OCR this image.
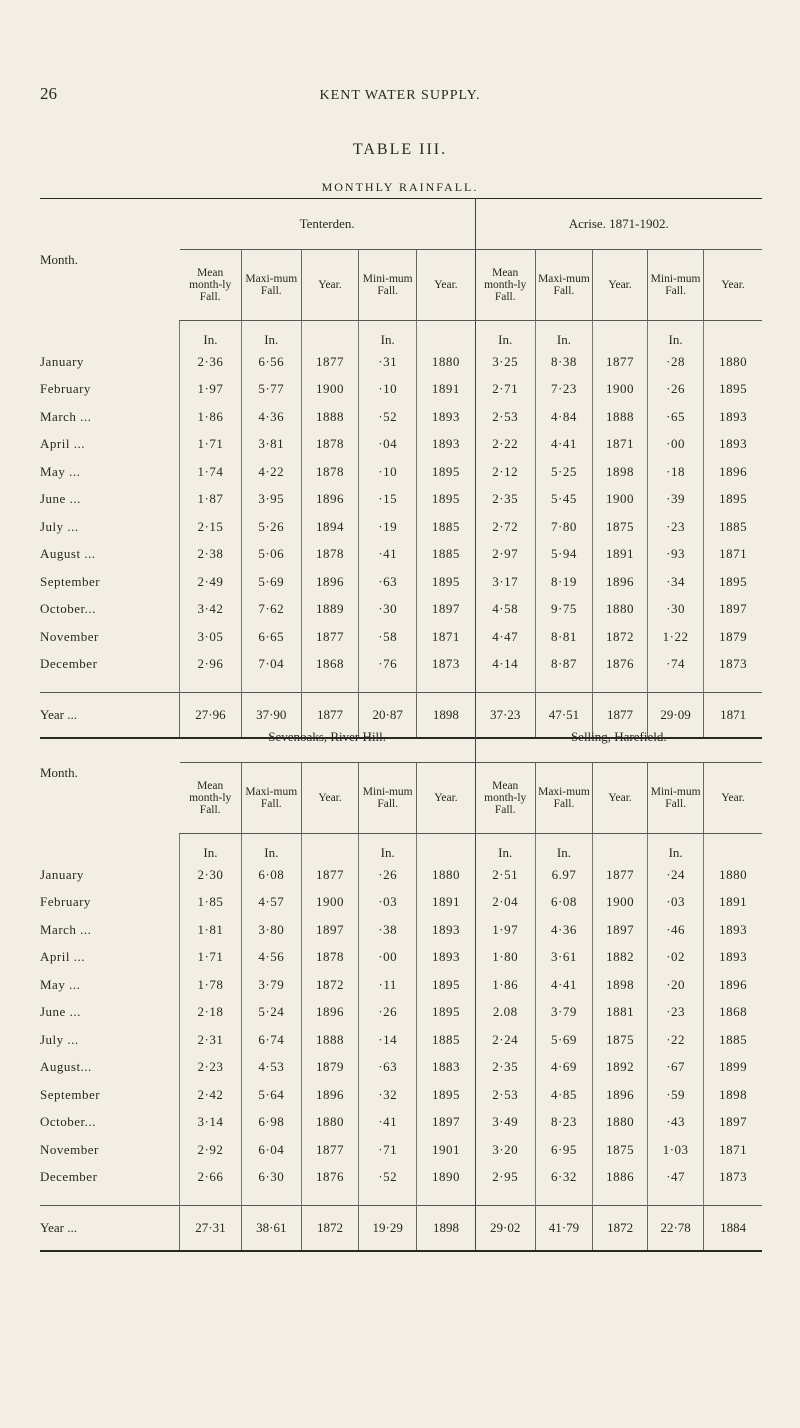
26	KENT WATER SUPPLY.
TABLE III.
MONTHLY RAINFALL.
Month.	Tenterden.					Acrise. 1871-1902.				
	Mean month-ly Fall.	Maxi-mum Fall.	Year.	Mini-mum Fall.	Year.	Mean month-ly Fall.	Maxi-mum Fall.	Year.	Mini-mum Fall.	Year.
	In.	In.		In.		In.	In.		In.	
January	2·36	6·56	1877	·31	1880	3·25	8·38	1877	·28	1880
February	1·97	5·77	1900	·10	1891	2·71	7·23	1900	·26	1895
March ...	1·86	4·36	1888	·52	1893	2·53	4·84	1888	·65	1893
April ...	1·71	3·81	1878	·04	1893	2·22	4·41	1871	·00	1893
May ...	1·74	4·22	1878	·10	1895	2·12	5·25	1898	·18	1896
June ...	1·87	3·95	1896	·15	1895	2·35	5·45	1900	·39	1895
July ...	2·15	5·26	1894	·19	1885	2·72	7·80	1875	·23	1885
August ...	2·38	5·06	1878	·41	1885	2·97	5·94	1891	·93	1871
September	2·49	5·69	1896	·63	1895	3·17	8·19	1896	·34	1895
October...	3·42	7·62	1889	·30	1897	4·58	9·75	1880	·30	1897
November	3·05	6·65	1877	·58	1871	4·47	8·81	1872	1·22	1879
December	2·96	7·04	1868	·76	1873	4·14	8·87	1876	·74	1873

Year ...	27·96	37·90	1877	20·87	1898	37·23	47·51	1877	29·09	1871
Month.	Sevenoaks, River Hill.					Selling, Harefield.				
	Mean month-ly Fall.	Maxi-mum Fall.	Year.	Mini-mum Fall.	Year.	Mean month-ly Fall.	Maxi-mum Fall.	Year.	Mini-mum Fall.	Year.
	In.	In.		In.		In.	In.		In.	
January	2·30	6·08	1877	·26	1880	2·51	6.97	1877	·24	1880
February	1·85	4·57	1900	·03	1891	2·04	6·08	1900	·03	1891
March ...	1·81	3·80	1897	·38	1893	1·97	4·36	1897	·46	1893
April ...	1·71	4·56	1878	·00	1893	1·80	3·61	1882	·02	1893
May ...	1·78	3·79	1872	·11	1895	1·86	4·41	1898	·20	1896
June ...	2·18	5·24	1896	·26	1895	2.08	3·79	1881	·23	1868
July ...	2·31	6·74	1888	·14	1885	2·24	5·69	1875	·22	1885
August...	2·23	4·53	1879	·63	1883	2·35	4·69	1892	·67	1899
September	2·42	5·64	1896	·32	1895	2·53	4·85	1896	·59	1898
October...	3·14	6·98	1880	·41	1897	3·49	8·23	1880	·43	1897
November	2·92	6·04	1877	·71	1901	3·20	6·95	1875	1·03	1871
December	2·66	6·30	1876	·52	1890	2·95	6·32	1886	·47	1873

Year ...	27·31	38·61	1872	19·29	1898	29·02	41·79	1872	22·78	1884
